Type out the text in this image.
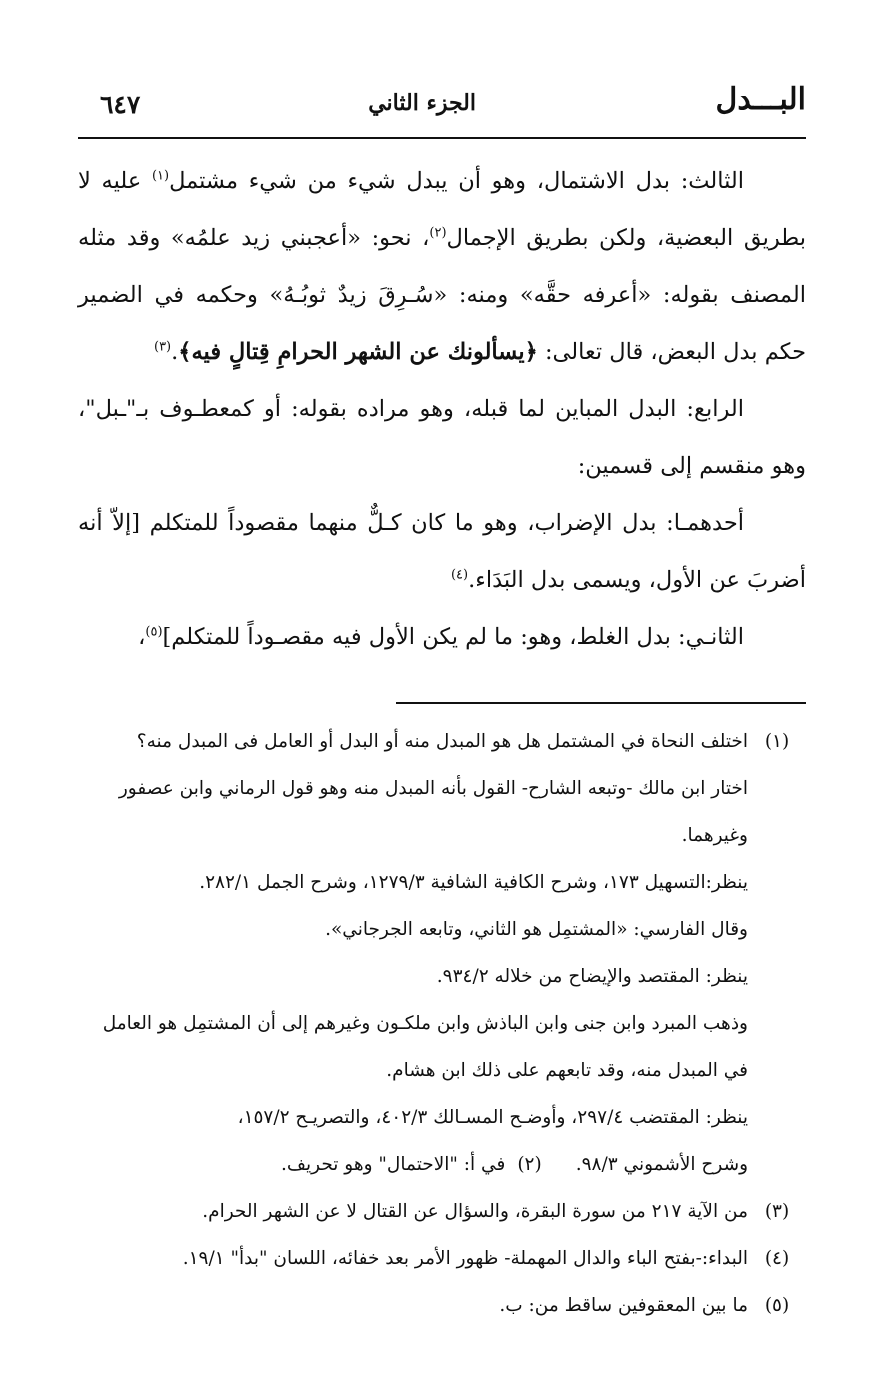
البـــدل
الجزء الثاني
٦٤٧

الثالث: بدل الاشتمال، وهو أن يبدل شيء من شيء مشتمل$^{(١)}$ عليه لا بطريق البعضية، ولكن بطريق الإجمال$^{(٢)}$، نحو: «أعجبني زيد علمُه» وقد مثله المصنف بقوله: «أعرفه حقَّه» ومنه: «سُـرِقَ زيدٌ ثوبُـهُ» وحكمه في الضمير حكم بدل البعض، قال تعالى: ﴿يسألونك عن الشهر الحرامِ قِتالٍ فيه﴾.$^{(٣)}$

الرابع: البدل المباين لما قبله، وهو مراده بقوله: أو كمعطـوف بـ"ـبل"، وهو منقسم إلى قسمين:

أحدهمـا: بدل الإضراب، وهو ما كان كـلٌّ منهما مقصوداً للمتكلم [إلاّ أنه أضربَ عن الأول، ويسمى بدل البَدَاء.$^{(٤)}$

الثانـي: بدل الغلط، وهو: ما لم يكن الأول فيه مقصـوداً للمتكلم]$^{(٥)}$،

(١)
اختلف النحاة في المشتمل هل هو المبدل منه أو البدل أو العامل فى المبدل منه؟
اختار ابن مالك -وتبعه الشارح- القول بأنه المبدل منه وهو قول الرماني وابن عصفور وغيرهما.
ينظر:التسهيل ١٧٣، وشرح الكافية الشافية ١٢٧٩/٣، وشرح الجمل ٢٨٢/١.
وقال الفارسي: «المشتمِل هو الثاني، وتابعه الجرجاني».
ينظر: المقتصد والإيضاح من خلاله ٩٣٤/٢.
وذهب المبرد وابن جنى وابن الباذش وابن ملكـون وغيرهم إلى أن المشتمِل هو العامل في المبدل منه، وقد تابعهم على ذلك ابن هشام.
ينظر: المقتضب ٢٩٧/٤، وأوضـح المسـالك ٤٠٢/٣، والتصريـح ١٥٧/٢،
وشرح الأشموني ٩٨/٣.(٢)في أ: "الاحتمال" وهو تحريف.
(٣)
من الآية ٢١٧ من سورة البقرة، والسؤال عن القتال لا عن الشهر الحرام.
(٤)
البداء:-بفتح الباء والدال المهملة- ظهور الأمر بعد خفائه، اللسان "بدأ" ١٩/١.
(٥)
ما بين المعقوفين ساقط من: ب.
